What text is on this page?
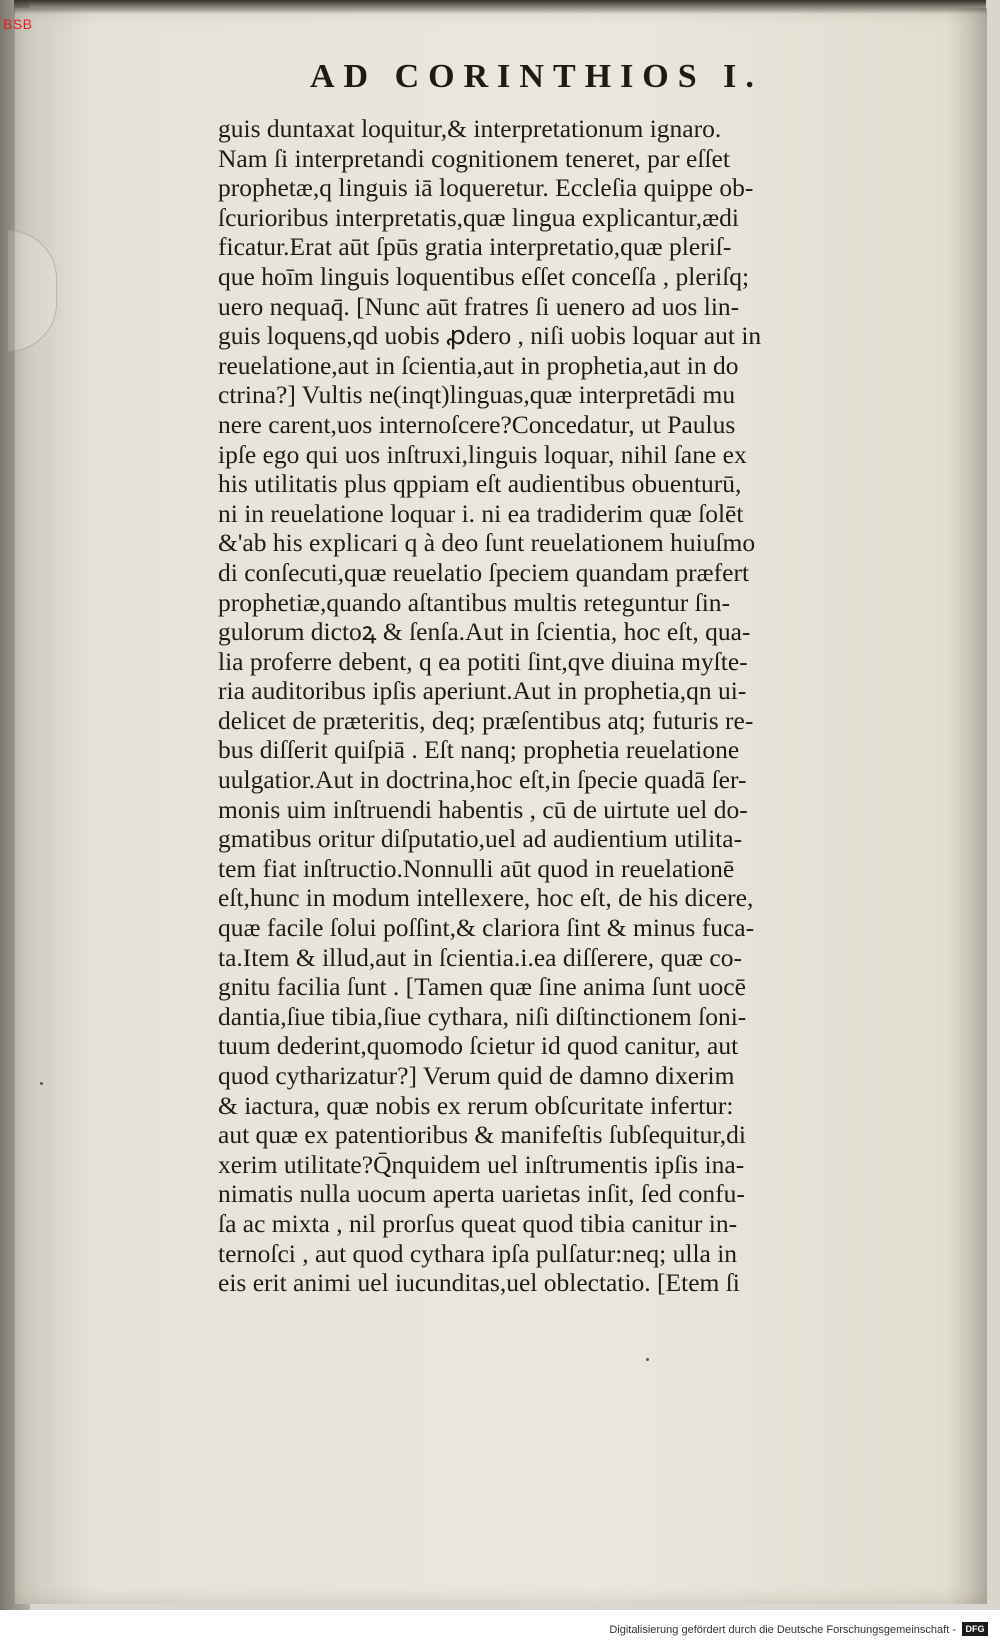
BSB
AD CORINTHIOS I.
guis duntaxat loquitur,& interpretationum ignaro.
Nam ſi interpretandi cognitionem teneret, par eſſet
prophetæ,q linguis iā loqueretur. Eccleſia quippe ob-
ſcurioribus interpretatis,quæ lingua explicantur,ædi
ficatur.Erat aūt ſpūs gratia interpretatio,quæ pleriſ-
que hoīm linguis loquentibus eſſet conceſſa , pleriſq;
uero nequaq̄. [Nunc aūt fratres ſi uenero ad uos lin-
guis loquens,qd uobis ꝓdero , niſi uobis loquar aut in
reuelatione,aut in ſcientia,aut in prophetia,aut in do
ctrina?] Vultis ne(inqt)linguas,quæ interpretādi mu
nere carent,uos internoſcere?Concedatur, ut Paulus
ipſe ego qui uos inſtruxi,linguis loquar, nihil ſane ex
his utilitatis plus qppiam eſt audientibus obuenturū,
ni in reuelatione loquar i. ni ea tradiderim quæ ſolēt
&'ab his explicari q à deo ſunt reuelationem huiuſmo
di conſecuti,quæ reuelatio ſpeciem quandam præfert
prophetiæ,quando aſtantibus multis reteguntur ſin-
gulorum dictoꝝ & ſenſa.Aut in ſcientia, hoc eſt, qua-
lia proferre debent, q ea potiti ſint,qve diuina myſte-
ria auditoribus ipſis aperiunt.Aut in prophetia,qn ui-
delicet de præteritis, deq; præſentibus atq; futuris re-
bus diſſerit quiſpiā . Eſt nanq; prophetia reuelatione
uulgatior.Aut in doctrina,hoc eſt,in ſpecie quadā ſer-
monis uim inſtruendi habentis , cū de uirtute uel do-
gmatibus oritur diſputatio,uel ad audientium utilita-
tem fiat inſtructio.Nonnulli aūt quod in reuelationē
eſt,hunc in modum intellexere, hoc eſt, de his dicere,
quæ facile ſolui poſſint,& clariora ſint & minus fuca-
ta.Item & illud,aut in ſcientia.i.ea diſſerere, quæ co-
gnitu facilia ſunt . [Tamen quæ ſine anima ſunt uocē
dantia,ſiue tibia,ſiue cythara, niſi diſtinctionem ſoni-
tuum dederint,quomodo ſcietur id quod canitur, aut
quod cytharizatur?] Verum quid de damno dixerim
& iactura, quæ nobis ex rerum obſcuritate infertur:
aut quæ ex patentioribus & manifeſtis ſubſequitur,di
xerim utilitate?Q̄nquidem uel inſtrumentis ipſis ina-
nimatis nulla uocum aperta uarietas inſit, ſed confu-
ſa ac mixta , nil prorſus queat quod tibia canitur in-
ternoſci , aut quod cythara ipſa pulſatur:neq; ulla in
eis erit animi uel iucunditas,uel oblectatio. [Etem ſi
Digitalisierung gefördert durch die Deutsche Forschungsgemeinschaft -	DFG
